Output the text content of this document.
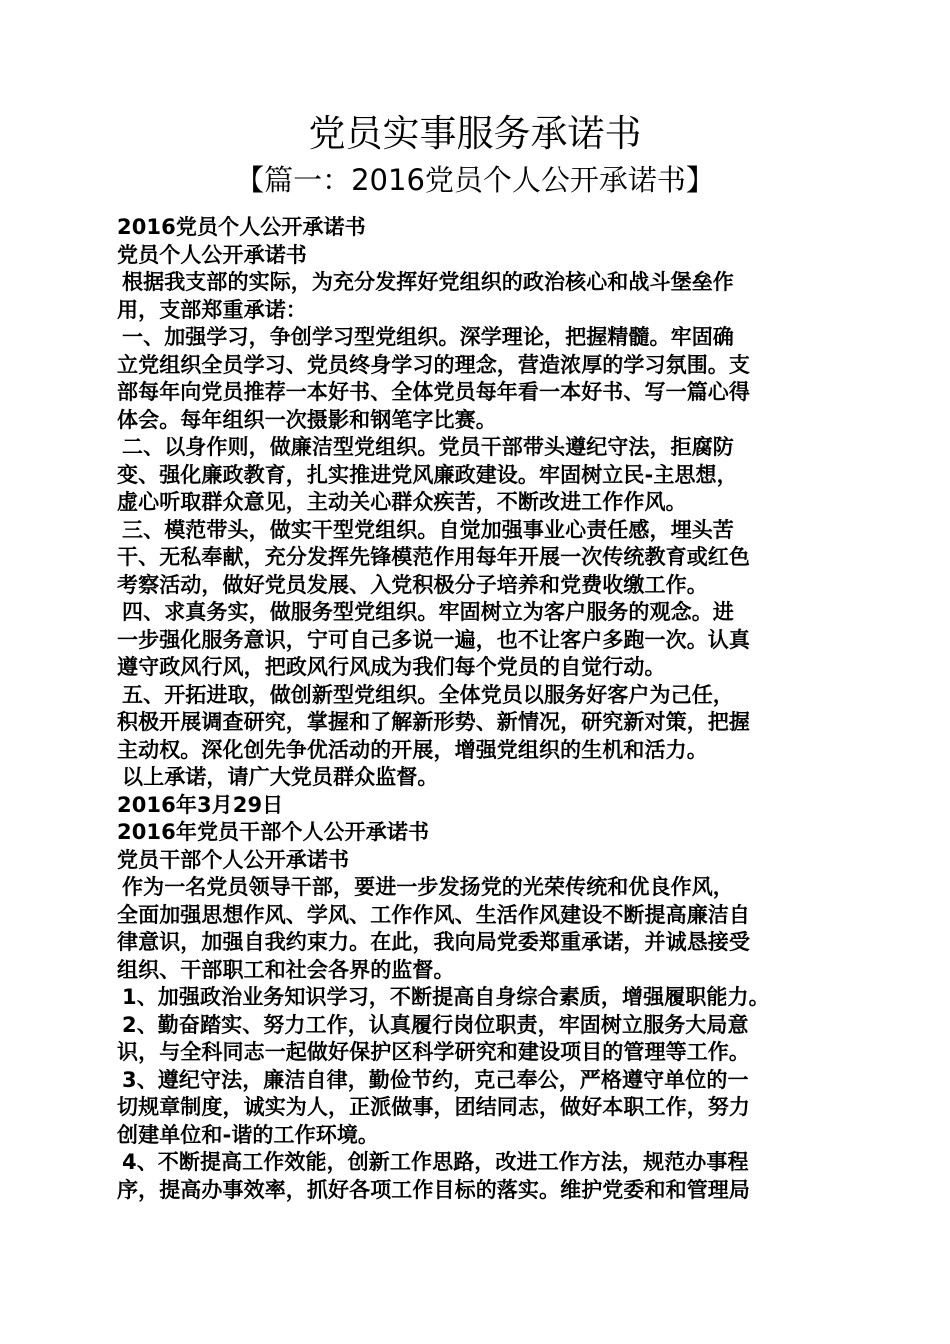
党员实事服务承诺书
【篇一：2016党员个人公开承诺书】
2016党员个人公开承诺书
党员个人公开承诺书
根据我支部的实际，为充分发挥好党组织的政治核心和战斗堡垒作
用，支部郑重承诺：
一、加强学习，争创学习型党组织。深学理论，把握精髓。牢固确
立党组织全员学习、党员终身学习的理念，营造浓厚的学习氛围。支
部每年向党员推荐一本好书、全体党员每年看一本好书、写一篇心得
体会。每年组织一次摄影和钢笔字比赛。
二、以身作则，做廉洁型党组织。党员干部带头遵纪守法，拒腐防
变、强化廉政教育，扎实推进党风廉政建设。牢固树立民-主思想，
虚心听取群众意见，主动关心群众疾苦，不断改进工作作风。
三、模范带头，做实干型党组织。自觉加强事业心责任感，埋头苦
干、无私奉献，充分发挥先锋模范作用每年开展一次传统教育或红色
考察活动，做好党员发展、入党积极分子培养和党费收缴工作。
四、求真务实，做服务型党组织。牢固树立为客户服务的观念。进
一步强化服务意识，宁可自己多说一遍，也不让客户多跑一次。认真
遵守政风行风，把政风行风成为我们每个党员的自觉行动。
五、开拓进取，做创新型党组织。全体党员以服务好客户为己任，
积极开展调查研究，掌握和了解新形势、新情况，研究新对策，把握
主动权。深化创先争优活动的开展，增强党组织的生机和活力。
以上承诺，请广大党员群众监督。
2016年3月29日
2016年党员干部个人公开承诺书
党员干部个人公开承诺书
作为一名党员领导干部，要进一步发扬党的光荣传统和优良作风，
全面加强思想作风、学风、工作作风、生活作风建设不断提高廉洁自
律意识，加强自我约束力。在此，我向局党委郑重承诺，并诚恳接受
组织、干部职工和社会各界的监督。
1、加强政治业务知识学习，不断提高自身综合素质，增强履职能力。
2、勤奋踏实、努力工作，认真履行岗位职责，牢固树立服务大局意
识，与全科同志一起做好保护区科学研究和建设项目的管理等工作。
3、遵纪守法，廉洁自律，勤俭节约，克己奉公，严格遵守单位的一
切规章制度，诚实为人，正派做事，团结同志，做好本职工作，努力
创建单位和-谐的工作环境。
4、不断提高工作效能，创新工作思路，改进工作方法，规范办事程
序，提高办事效率，抓好各项工作目标的落实。维护党委和和管理局
